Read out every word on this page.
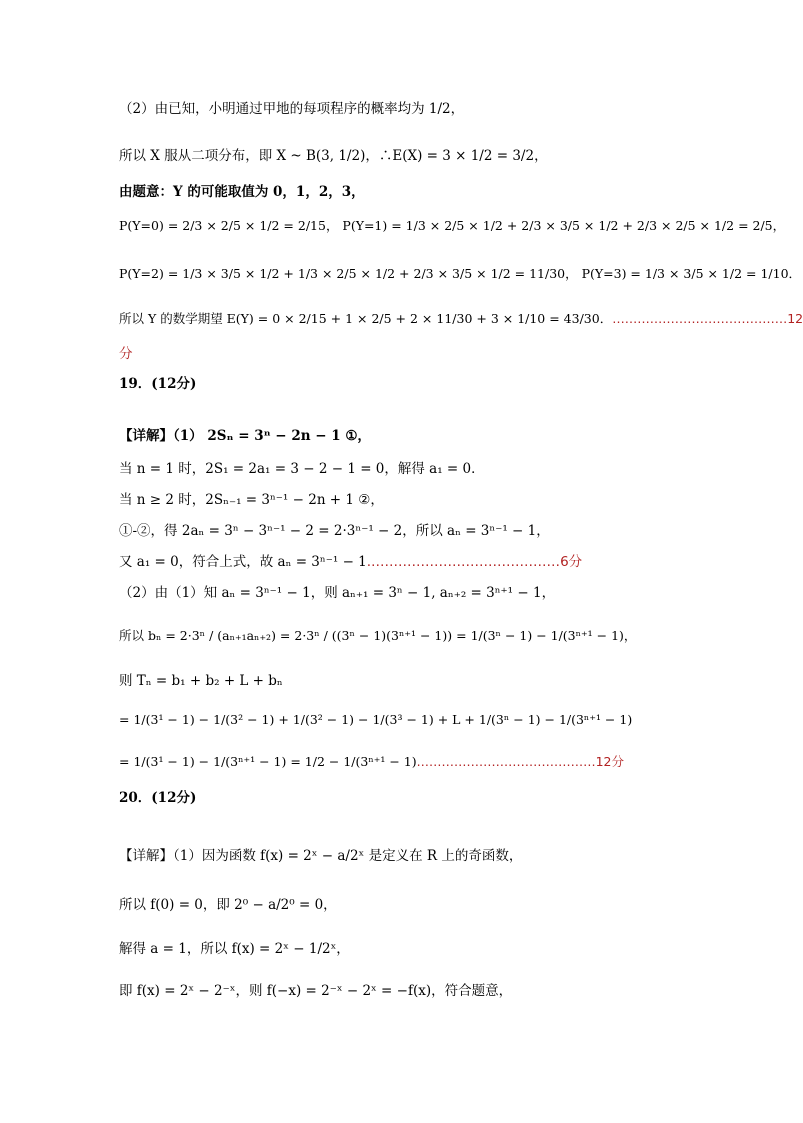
（2）由已知，小明通过甲地的每项程序的概率均为 1/2，
所以 X 服从二项分布，即 X ~ B(3, 1/2)，∴E(X) = 3 × 1/2 = 3/2，
由题意：Y 的可能取值为 0，1，2，3，
P(Y=0) = 2/3 × 2/5 × 1/2 = 2/15， P(Y=1) = 1/3 × 2/5 × 1/2 + 2/3 × 3/5 × 1/2 + 2/3 × 2/5 × 1/2 = 2/5，
P(Y=2) = 1/3 × 3/5 × 1/2 + 1/3 × 2/5 × 1/2 + 2/3 × 3/5 × 1/2 = 11/30， P(Y=3) = 1/3 × 3/5 × 1/2 = 1/10．
所以 Y 的数学期望 E(Y) = 0 × 2/15 + 1 × 2/5 + 2 × 11/30 + 3 × 1/10 = 43/30．……………………………………12
分
19．(12分)
【详解】（1） 2Sₙ = 3ⁿ − 2n − 1 ①，
当 n = 1 时，2S₁ = 2a₁ = 3 − 2 − 1 = 0，解得 a₁ = 0．
当 n ≥ 2 时，2Sₙ₋₁ = 3ⁿ⁻¹ − 2n + 1 ②，
①-②，得 2aₙ = 3ⁿ − 3ⁿ⁻¹ − 2 = 2·3ⁿ⁻¹ − 2，所以 aₙ = 3ⁿ⁻¹ − 1，
又 a₁ = 0，符合上式，故 aₙ = 3ⁿ⁻¹ − 1.……………………………………6分
（2）由（1）知 aₙ = 3ⁿ⁻¹ − 1，则 aₙ₊₁ = 3ⁿ − 1, aₙ₊₂ = 3ⁿ⁺¹ − 1，
所以 bₙ = 2·3ⁿ / (aₙ₊₁aₙ₊₂) = 2·3ⁿ / ((3ⁿ − 1)(3ⁿ⁺¹ − 1)) = 1/(3ⁿ − 1) − 1/(3ⁿ⁺¹ − 1)，
则 Tₙ = b₁ + b₂ + L + bₙ
= 1/(3¹ − 1) − 1/(3² − 1) + 1/(3² − 1) − 1/(3³ − 1) + L + 1/(3ⁿ − 1) − 1/(3ⁿ⁺¹ − 1)
= 1/(3¹ − 1) − 1/(3ⁿ⁺¹ − 1) = 1/2 − 1/(3ⁿ⁺¹ − 1).……………………………………12分
20．(12分)
【详解】（1）因为函数 f(x) = 2ˣ − a/2ˣ 是定义在 R 上的奇函数，
所以 f(0) = 0，即 2⁰ − a/2⁰ = 0，
解得 a = 1，所以 f(x) = 2ˣ − 1/2ˣ，
即 f(x) = 2ˣ − 2⁻ˣ，则 f(−x) = 2⁻ˣ − 2ˣ = −f(x)，符合题意，
